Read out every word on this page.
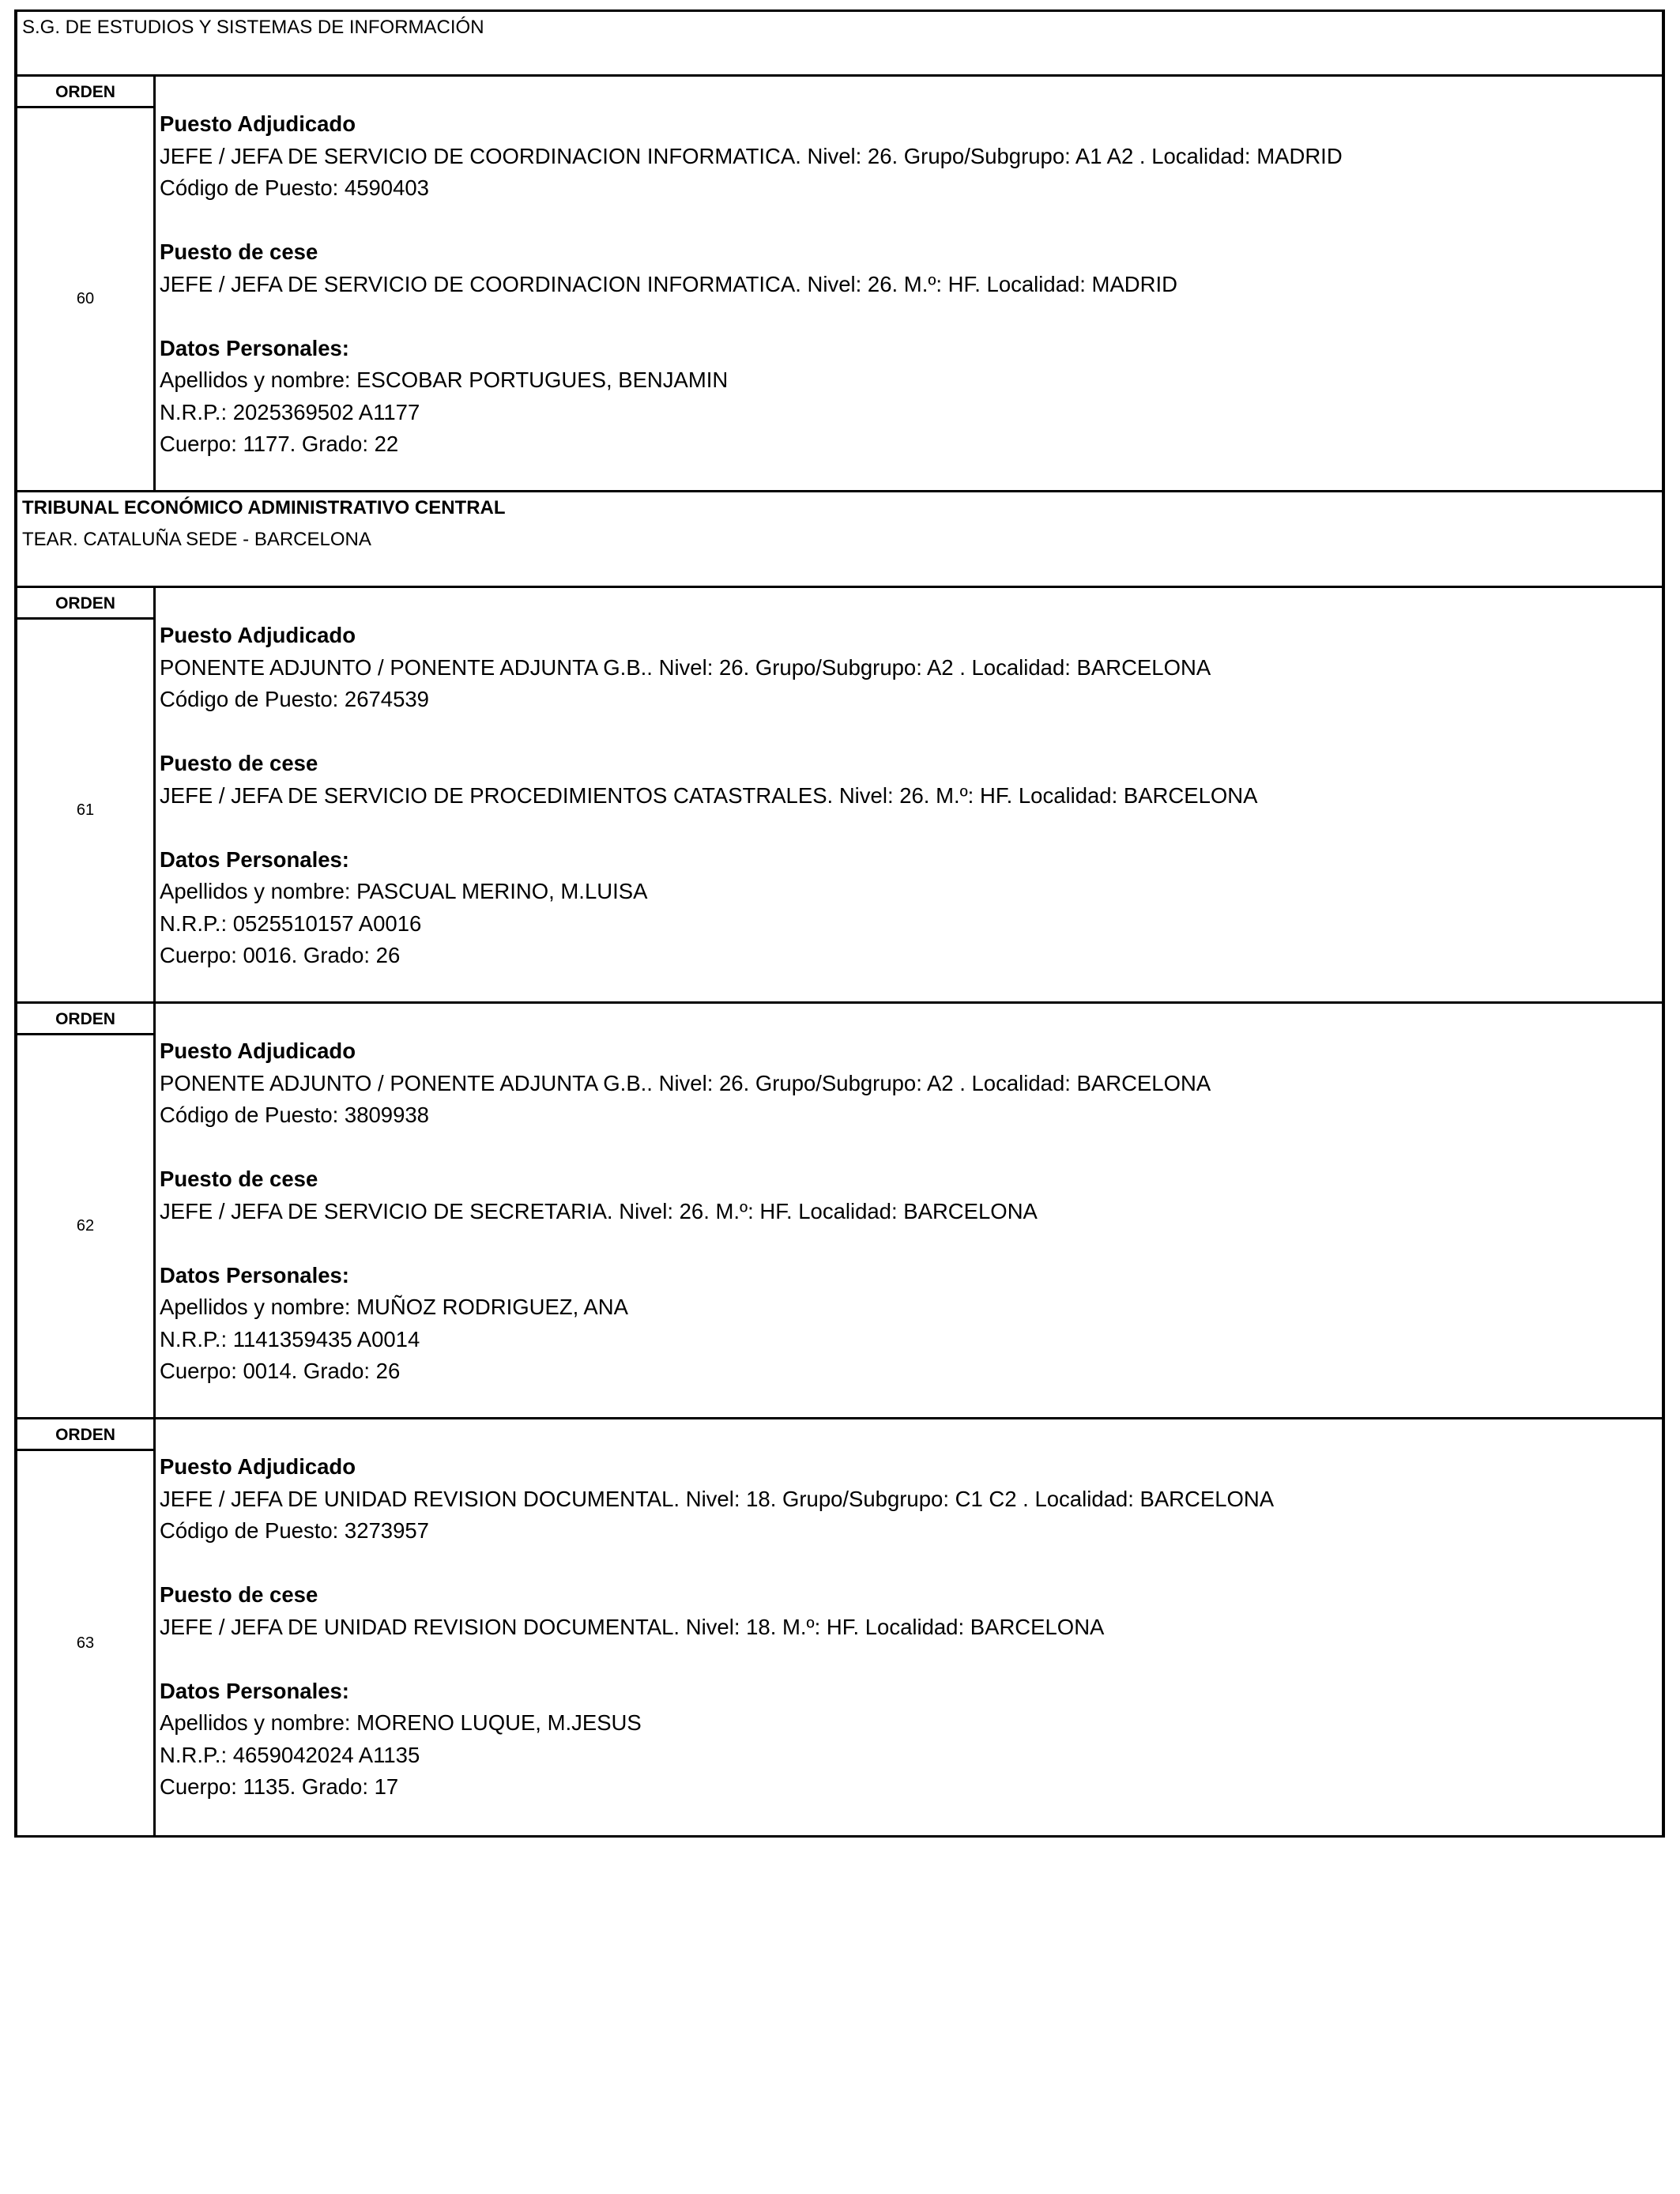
S.G. DE ESTUDIOS Y SISTEMAS DE INFORMACIÓN
ORDEN
60
Puesto Adjudicado
JEFE / JEFA DE SERVICIO DE COORDINACION INFORMATICA. Nivel: 26. Grupo/Subgrupo: A1 A2 . Localidad: MADRID
Código de Puesto: 4590403
Puesto de cese
JEFE / JEFA DE SERVICIO DE COORDINACION INFORMATICA. Nivel: 26. M.º: HF. Localidad: MADRID
Datos Personales:
Apellidos y nombre: ESCOBAR PORTUGUES, BENJAMIN
N.R.P.: 2025369502 A1177
Cuerpo: 1177. Grado: 22
TRIBUNAL ECONÓMICO ADMINISTRATIVO CENTRAL
TEAR. CATALUÑA SEDE - BARCELONA
ORDEN
61
Puesto Adjudicado
PONENTE ADJUNTO / PONENTE ADJUNTA G.B.. Nivel: 26. Grupo/Subgrupo: A2 . Localidad: BARCELONA
Código de Puesto: 2674539
Puesto de cese
JEFE / JEFA DE SERVICIO DE PROCEDIMIENTOS CATASTRALES. Nivel: 26. M.º: HF. Localidad: BARCELONA
Datos Personales:
Apellidos y nombre: PASCUAL MERINO, M.LUISA
N.R.P.: 0525510157 A0016
Cuerpo: 0016. Grado: 26
ORDEN
62
Puesto Adjudicado
PONENTE ADJUNTO / PONENTE ADJUNTA G.B.. Nivel: 26. Grupo/Subgrupo: A2 . Localidad: BARCELONA
Código de Puesto: 3809938
Puesto de cese
JEFE / JEFA DE SERVICIO DE SECRETARIA. Nivel: 26. M.º: HF. Localidad: BARCELONA
Datos Personales:
Apellidos y nombre: MUÑOZ RODRIGUEZ, ANA
N.R.P.: 1141359435 A0014
Cuerpo: 0014. Grado: 26
ORDEN
63
Puesto Adjudicado
JEFE / JEFA DE UNIDAD REVISION DOCUMENTAL. Nivel: 18. Grupo/Subgrupo: C1 C2 . Localidad: BARCELONA
Código de Puesto: 3273957
Puesto de cese
JEFE / JEFA DE UNIDAD REVISION DOCUMENTAL. Nivel: 18. M.º: HF. Localidad: BARCELONA
Datos Personales:
Apellidos y nombre: MORENO LUQUE, M.JESUS
N.R.P.: 4659042024 A1135
Cuerpo: 1135. Grado: 17
